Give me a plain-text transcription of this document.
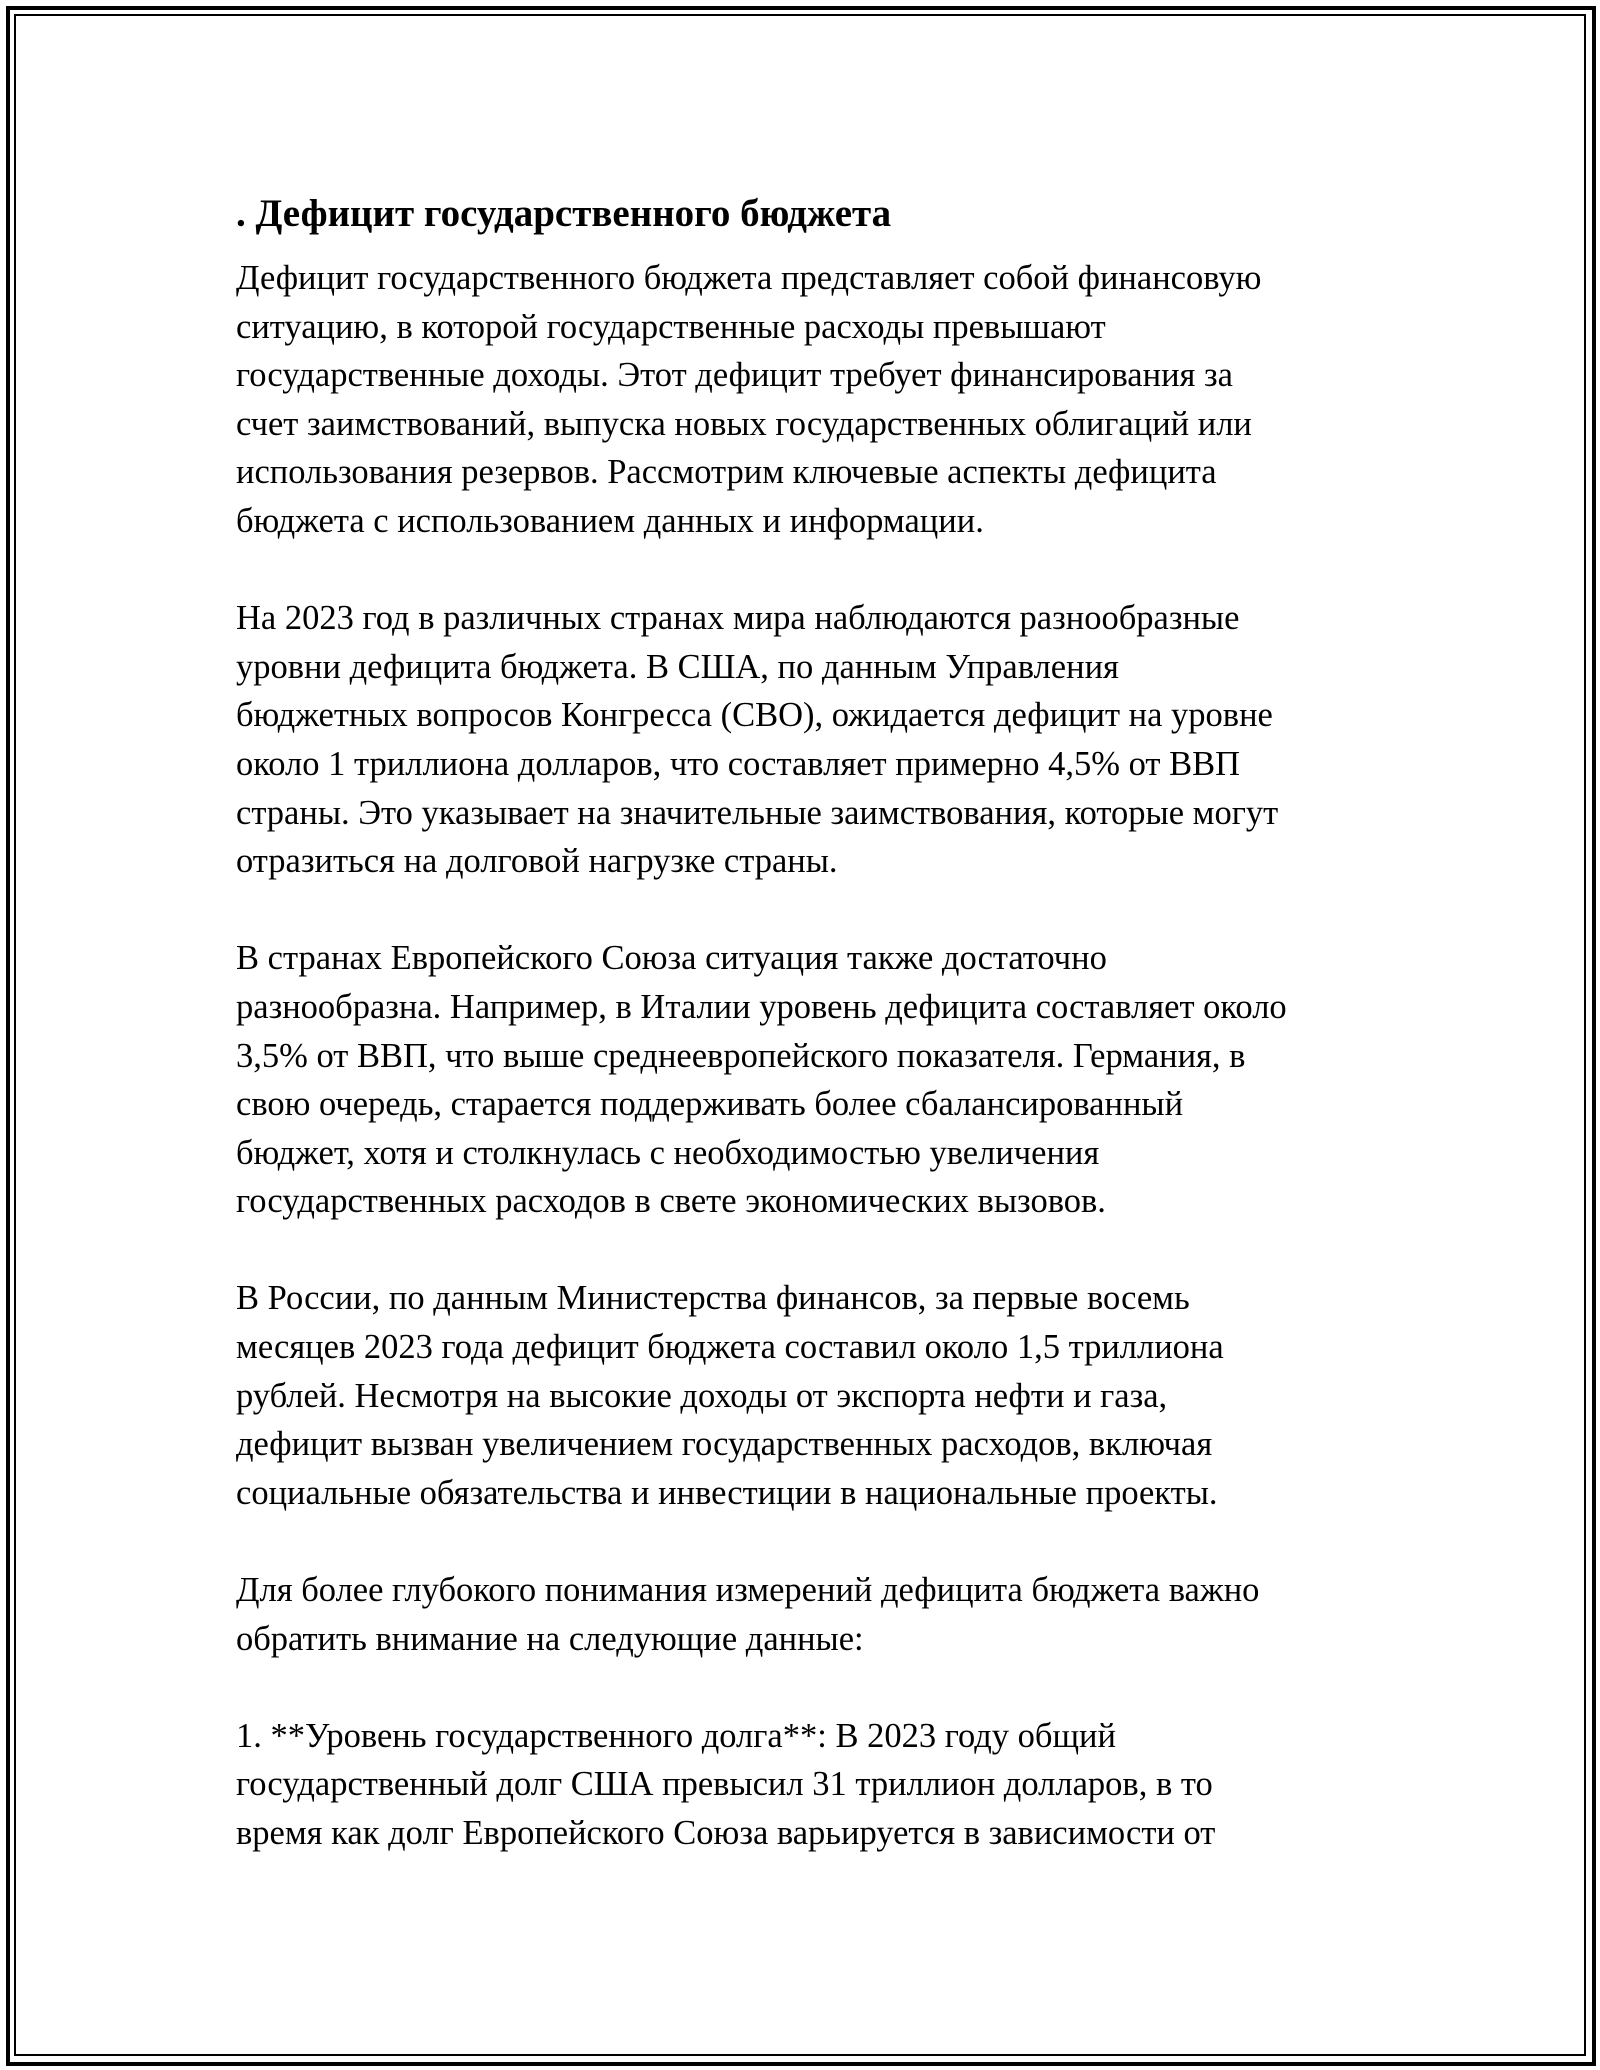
. Дефицит государственного бюджета
Дефицит государственного бюджета представляет собой финансовую
ситуацию, в которой государственные расходы превышают
государственные доходы. Этот дефицит требует финансирования за
счет заимствований, выпуска новых государственных облигаций или
использования резервов. Рассмотрим ключевые аспекты дефицита
бюджета с использованием данных и информации.
На 2023 год в различных странах мира наблюдаются разнообразные
уровни дефицита бюджета. В США, по данным Управления
бюджетных вопросов Конгресса (CBO), ожидается дефицит на уровне
около 1 триллиона долларов, что составляет примерно 4,5% от ВВП
страны. Это указывает на значительные заимствования, которые могут
отразиться на долговой нагрузке страны.
В странах Европейского Союза ситуация также достаточно
разнообразна. Например, в Италии уровень дефицита составляет около
3,5% от ВВП, что выше среднеевропейского показателя. Германия, в
свою очередь, старается поддерживать более сбалансированный
бюджет, хотя и столкнулась с необходимостью увеличения
государственных расходов в свете экономических вызовов.
В России, по данным Министерства финансов, за первые восемь
месяцев 2023 года дефицит бюджета составил около 1,5 триллиона
рублей. Несмотря на высокие доходы от экспорта нефти и газа,
дефицит вызван увеличением государственных расходов, включая
социальные обязательства и инвестиции в национальные проекты.
Для более глубокого понимания измерений дефицита бюджета важно
обратить внимание на следующие данные:
1. **Уровень государственного долга**: В 2023 году общий
государственный долг США превысил 31 триллион долларов, в то
время как долг Европейского Союза варьируется в зависимости от
